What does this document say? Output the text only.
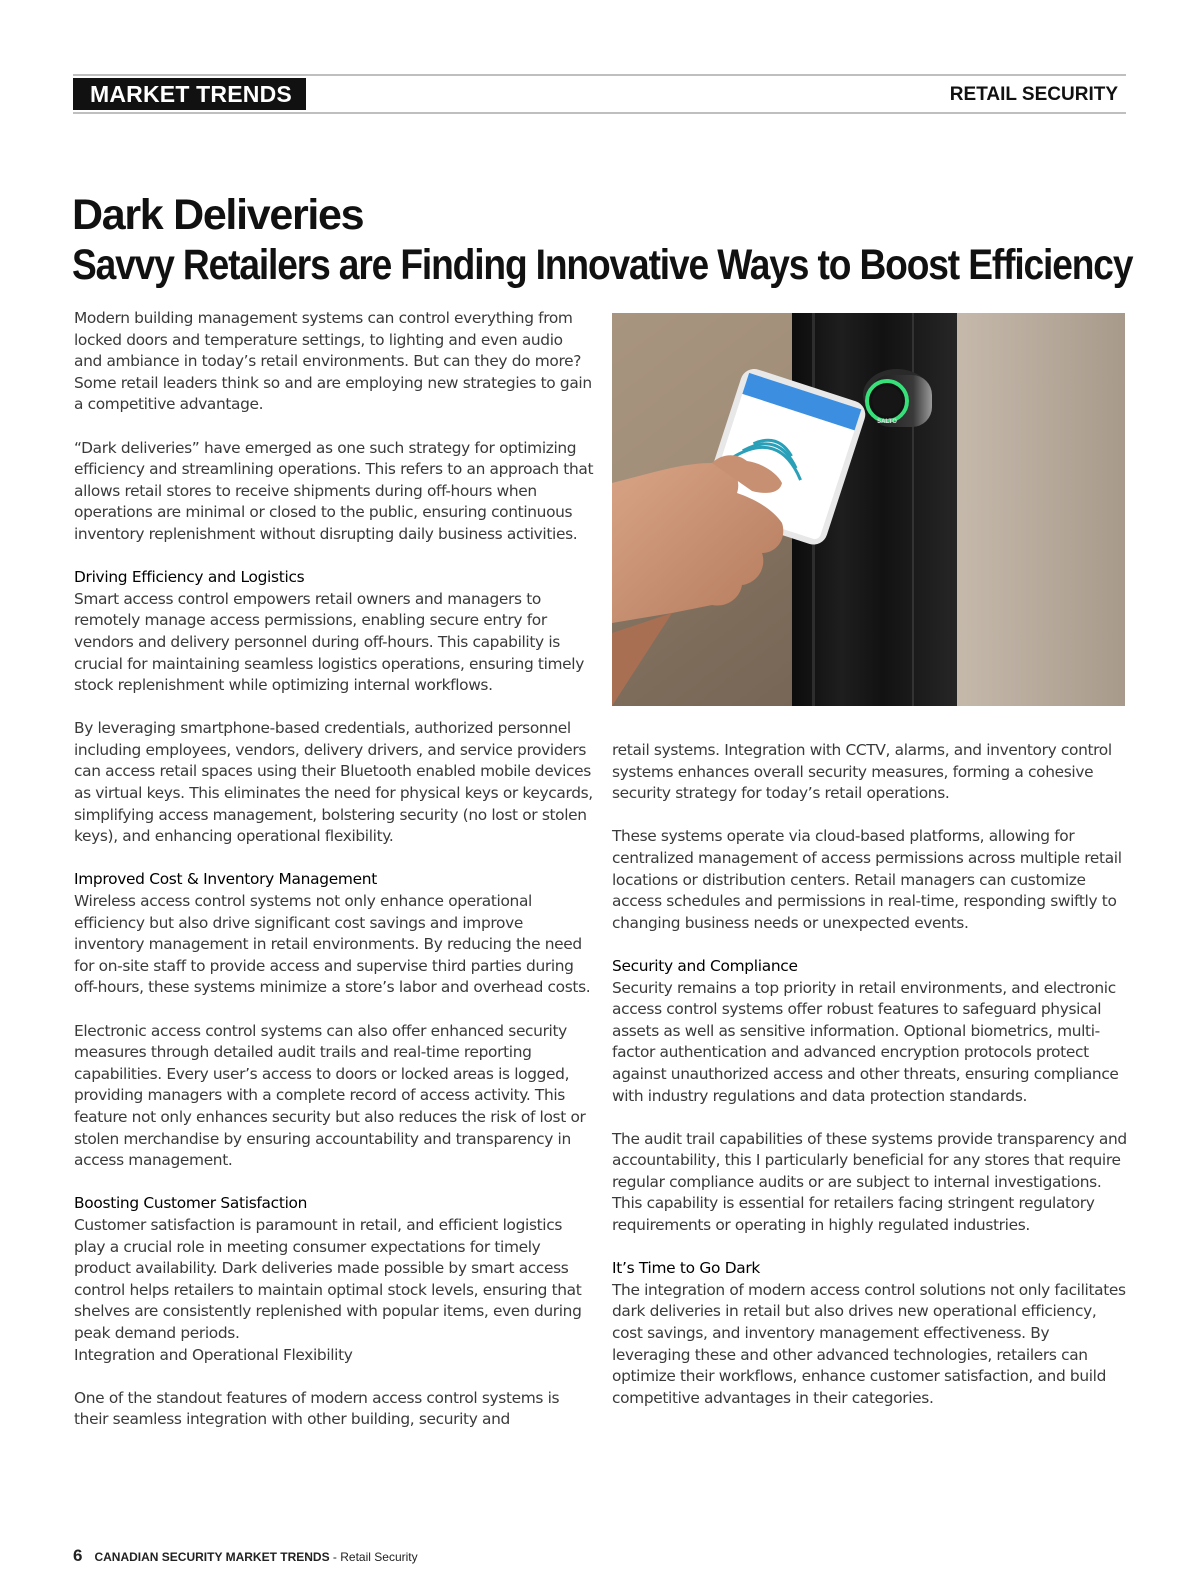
MARKET TRENDS	RETAIL SECURITY
Dark Deliveries
Savvy Retailers are Finding Innovative Ways to Boost Efficiency

Modern building management systems can control everything from locked doors and temperature settings, to lighting and even audio and ambiance in today’s retail environments. But can they do more? Some retail leaders think so and are employing new strategies to gain a competitive advantage.

“Dark deliveries” have emerged as one such strategy for optimizing efficiency and streamlining operations. This refers to an approach that allows retail stores to receive shipments during off-hours when operations are minimal or closed to the public, ensuring continuous inventory replenishment without disrupting daily business activities.

Driving Efficiency and Logistics

Smart access control empowers retail owners and managers to remotely manage access permissions, enabling secure entry for vendors and delivery personnel during off-hours. This capability is crucial for maintaining seamless logistics operations, ensuring timely stock replenishment while optimizing internal workflows.

By leveraging smartphone-based credentials, authorized personnel including employees, vendors, delivery drivers, and service providers can access retail spaces using their Bluetooth enabled mobile devices as virtual keys. This eliminates the need for physical keys or keycards, simplifying access management, bolstering security (no lost or stolen keys), and enhancing operational flexibility.

Improved Cost & Inventory Management

Wireless access control systems not only enhance operational efficiency but also drive significant cost savings and improve inventory management in retail environments. By reducing the need for on-site staff to provide access and supervise third parties during off-hours, these systems minimize a store’s labor and overhead costs.

Electronic access control systems can also offer enhanced security measures through detailed audit trails and real-time reporting capabilities. Every user’s access to doors or locked areas is logged, providing managers with a complete record of access activity. This feature not only enhances security but also reduces the risk of lost or stolen merchandise by ensuring accountability and transparency in access management.

Boosting Customer Satisfaction

Customer satisfaction is paramount in retail, and efficient logistics play a crucial role in meeting consumer expectations for timely product availability. Dark deliveries made possible by smart access control helps retailers to maintain optimal stock levels, ensuring that shelves are consistently replenished with popular items, even during peak demand periods.

Integration and Operational Flexibility

One of the standout features of modern access control systems is their seamless integration with other building, security and

SALTO

retail systems. Integration with CCTV, alarms, and inventory control systems enhances overall security measures, forming a cohesive security strategy for today’s retail operations.

These systems operate via cloud-based platforms, allowing for centralized management of access permissions across multiple retail locations or distribution centers. Retail managers can customize access schedules and permissions in real-time, responding swiftly to changing business needs or unexpected events.

Security and Compliance

Security remains a top priority in retail environments, and electronic access control systems offer robust features to safeguard physical assets as well as sensitive information. Optional biometrics, multi-factor authentication and advanced encryption protocols protect against unauthorized access and other threats, ensuring compliance with industry regulations and data protection standards.

The audit trail capabilities of these systems provide transparency and accountability, this I particularly beneficial for any stores that require regular compliance audits or are subject to internal investigations. This capability is essential for retailers facing stringent regulatory requirements or operating in highly regulated industries.

It’s Time to Go Dark

The integration of modern access control solutions not only facilitates dark deliveries in retail but also drives new operational efficiency, cost savings, and inventory management effectiveness. By leveraging these and other advanced technologies, retailers can optimize their workflows, enhance customer satisfaction, and build competitive advantages in their categories.

6 CANADIAN SECURITY MARKET TRENDS - Retail Security
